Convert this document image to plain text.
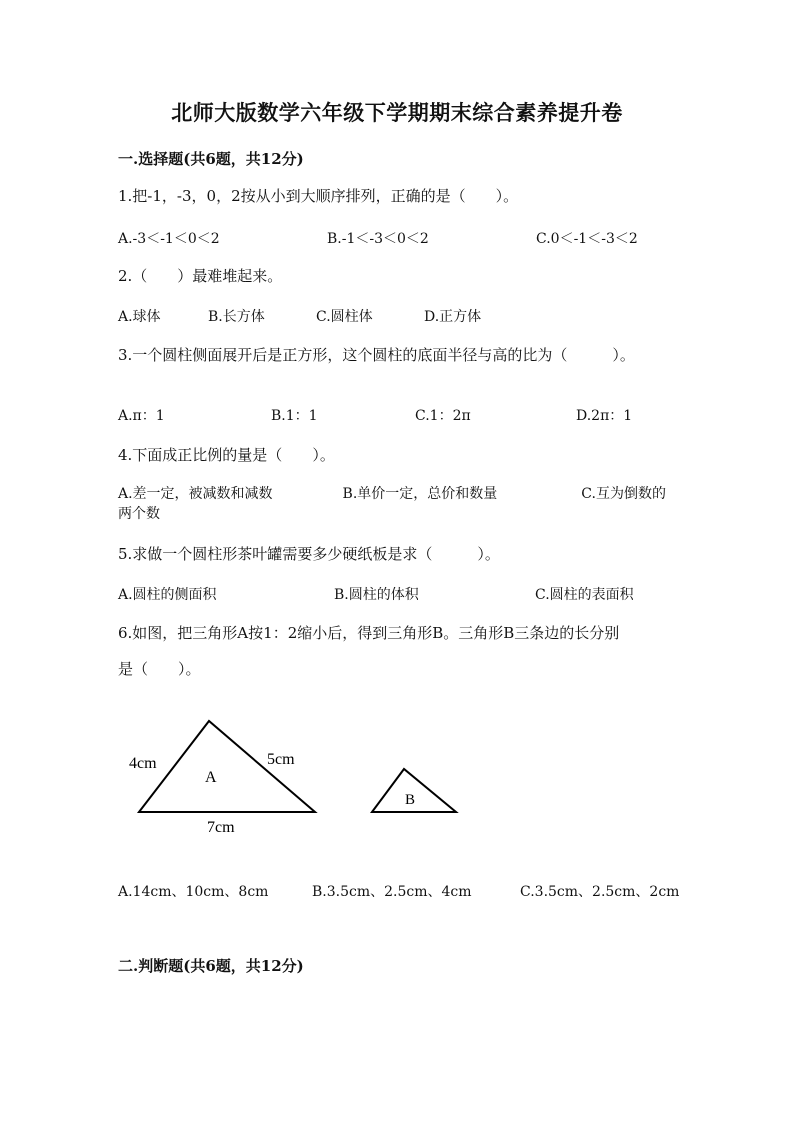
北师大版数学六年级下学期期末综合素养提升卷
一.选择题(共6题，共12分)
1.把-1，-3，0，2按从小到大顺序排列，正确的是（　　）。
A.-3＜-1＜0＜2	B.-1＜-3＜0＜2	C.0＜-1＜-3＜2
2.（　　）最难堆起来。
A.球体	B.长方体	C.圆柱体	D.正方体
3.一个圆柱侧面展开后是正方形，这个圆柱的底面半径与高的比为（　　　）。
A.π：1	B.1：1	C.1：2π	D.2π：1
4.下面成正比例的量是（　　）。
A.差一定，被减数和减数　　　　　B.单价一定，总价和数量　　　　　　C.互为倒数的两个数
5.求做一个圆柱形茶叶罐需要多少硬纸板是求（　　　）。
A.圆柱的侧面积	B.圆柱的体积	C.圆柱的表面积
6.如图，把三角形A按1：2缩小后，得到三角形B。三角形B三条边的长分别
是（　　）。
A
4cm	5cm
7cm
B
A.14cm、10cm、8cm	B.3.5cm、2.5cm、4cm	C.3.5cm、2.5cm、2cm
二.判断题(共6题，共12分)
